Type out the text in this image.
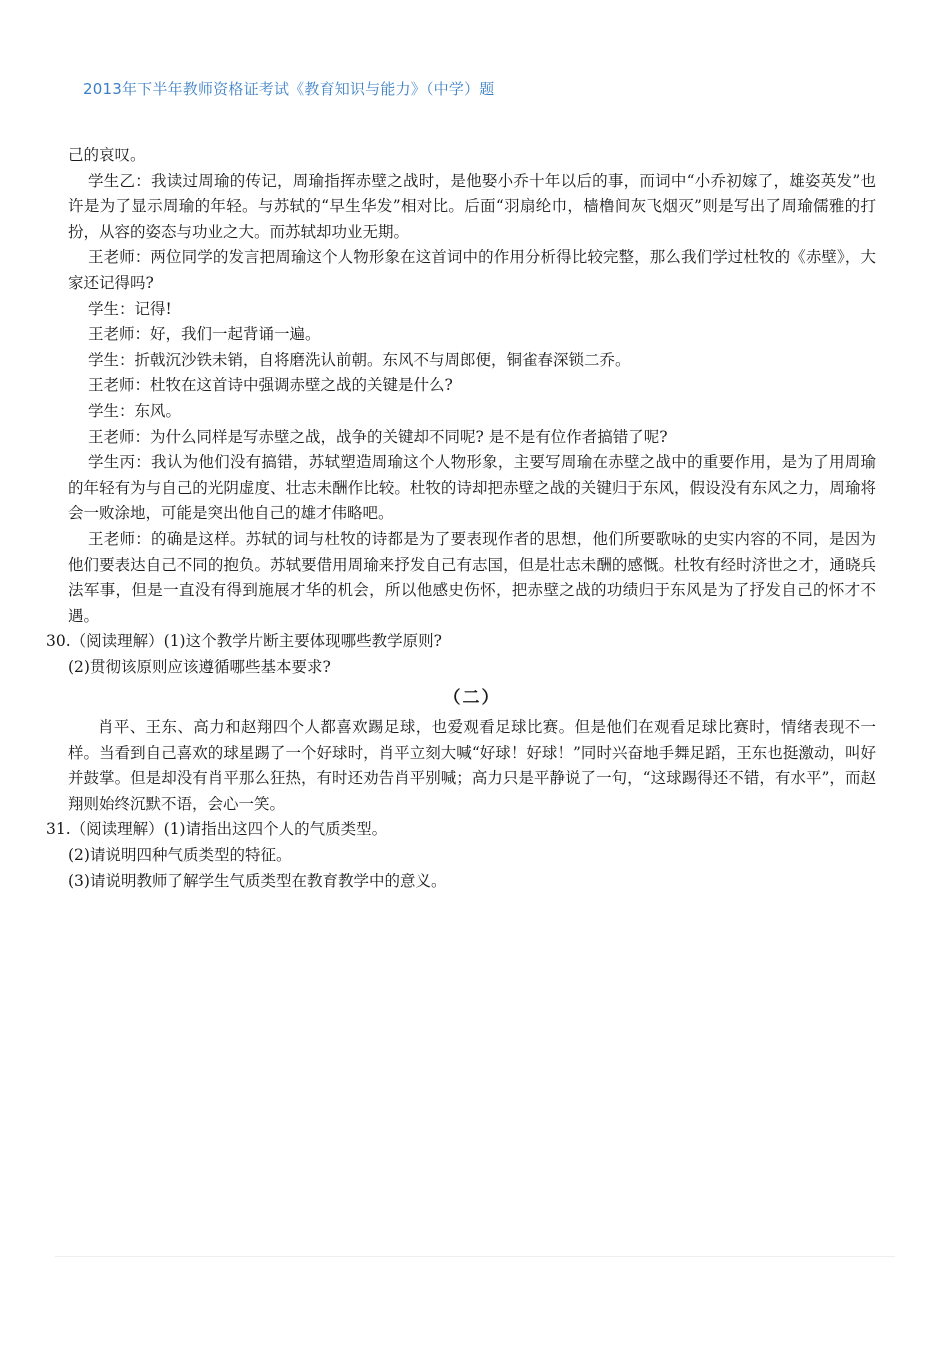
2013年下半年教师资格证考试《教育知识与能力》（中学）题

己的哀叹。

学生乙：我读过周瑜的传记，周瑜指挥赤壁之战时，是他娶小乔十年以后的事，而词中“小乔初嫁了，雄姿英发”也许是为了显示周瑜的年轻。与苏轼的“早生华发”相对比。后面“羽扇纶巾，樯橹间灰飞烟灭”则是写出了周瑜儒雅的打扮，从容的姿态与功业之大。而苏轼却功业无期。

王老师：两位同学的发言把周瑜这个人物形象在这首词中的作用分析得比较完整，那么我们学过杜牧的《赤壁》，大家还记得吗?

学生：记得!

王老师：好，我们一起背诵一遍。

学生：折戟沉沙铁未销，自将磨洗认前朝。东风不与周郎便，铜雀春深锁二乔。

王老师：杜牧在这首诗中强调赤壁之战的关键是什么?

学生：东风。

王老师：为什么同样是写赤壁之战，战争的关键却不同呢? 是不是有位作者搞错了呢?

学生丙：我认为他们没有搞错，苏轼塑造周瑜这个人物形象，主要写周瑜在赤壁之战中的重要作用，是为了用周瑜的年轻有为与自己的光阴虚度、壮志未酬作比较。杜牧的诗却把赤壁之战的关键归于东风，假设没有东风之力，周瑜将会一败涂地，可能是突出他自己的雄才伟略吧。

王老师：的确是这样。苏轼的词与杜牧的诗都是为了要表现作者的思想，他们所要歌咏的史实内容的不同，是因为他们要表达自己不同的抱负。苏轼要借用周瑜来抒发自己有志国，但是壮志未酬的感慨。杜牧有经时济世之才，通晓兵法军事，但是一直没有得到施展才华的机会，所以他感史伤怀，把赤壁之战的功绩归于东风是为了抒发自己的怀才不遇。

30.（阅读理解）(1)这个教学片断主要体现哪些教学原则?

(2)贯彻该原则应该遵循哪些基本要求?

（二）

肖平、王东、高力和赵翔四个人都喜欢踢足球，也爱观看足球比赛。但是他们在观看足球比赛时，情绪表现不一样。当看到自己喜欢的球星踢了一个好球时，肖平立刻大喊“好球！好球！”同时兴奋地手舞足蹈，王东也挺激动，叫好并鼓掌。但是却没有肖平那么狂热，有时还劝告肖平别喊；高力只是平静说了一句，“这球踢得还不错，有水平”，而赵翔则始终沉默不语，会心一笑。

31.（阅读理解）(1)请指出这四个人的气质类型。

(2)请说明四种气质类型的特征。

(3)请说明教师了解学生气质类型在教育教学中的意义。
